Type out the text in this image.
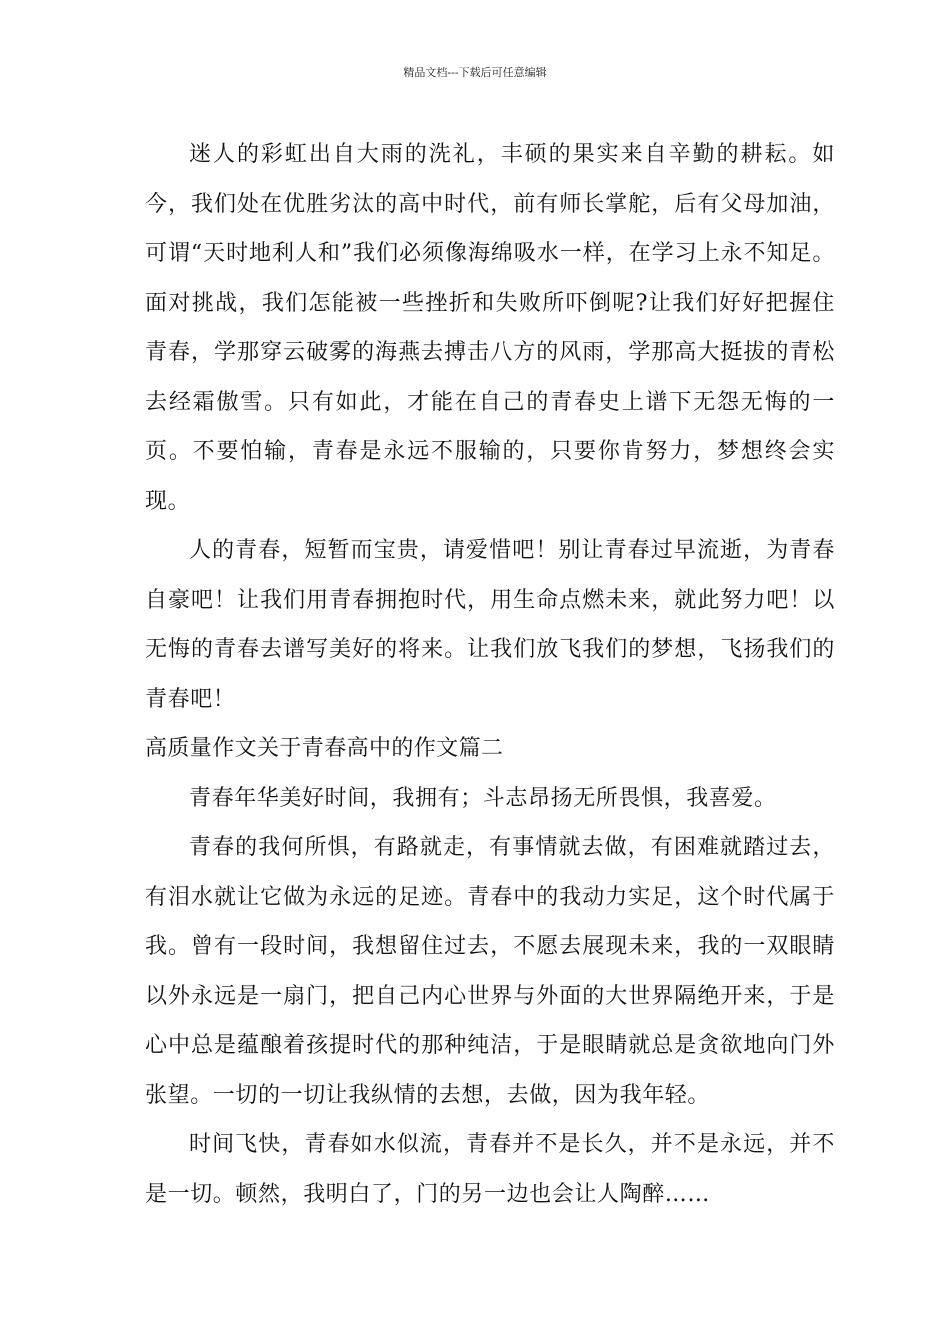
精品文档---下载后可任意编辑

迷人的彩虹出自大雨的洗礼，丰硕的果实来自辛勤的耕耘。如今，我们处在优胜劣汰的高中时代，前有师长掌舵，后有父母加油，可谓“天时地利人和”我们必须像海绵吸水一样，在学习上永不知足。面对挑战，我们怎能被一些挫折和失败所吓倒呢?让我们好好把握住青春，学那穿云破雾的海燕去搏击八方的风雨，学那高大挺拔的青松去经霜傲雪。只有如此，才能在自己的青春史上谱下无怨无悔的一页。不要怕输，青春是永远不服输的，只要你肯努力，梦想终会实现。

人的青春，短暂而宝贵，请爱惜吧！别让青春过早流逝，为青春自豪吧！让我们用青春拥抱时代，用生命点燃未来，就此努力吧！以无悔的青春去谱写美好的将来。让我们放飞我们的梦想，飞扬我们的青春吧！

高质量作文关于青春高中的作文篇二

青春年华美好时间，我拥有；斗志昂扬无所畏惧，我喜爱。

青春的我何所惧，有路就走，有事情就去做，有困难就踏过去，有泪水就让它做为永远的足迹。青春中的我动力实足，这个时代属于我。曾有一段时间，我想留住过去，不愿去展现未来，我的一双眼睛以外永远是一扇门，把自己内心世界与外面的大世界隔绝开来，于是心中总是蕴酿着孩提时代的那种纯洁，于是眼睛就总是贪欲地向门外张望。一切的一切让我纵情的去想，去做，因为我年轻。

时间飞快，青春如水似流，青春并不是长久，并不是永远，并不是一切。顿然，我明白了，门的另一边也会让人陶醉……
